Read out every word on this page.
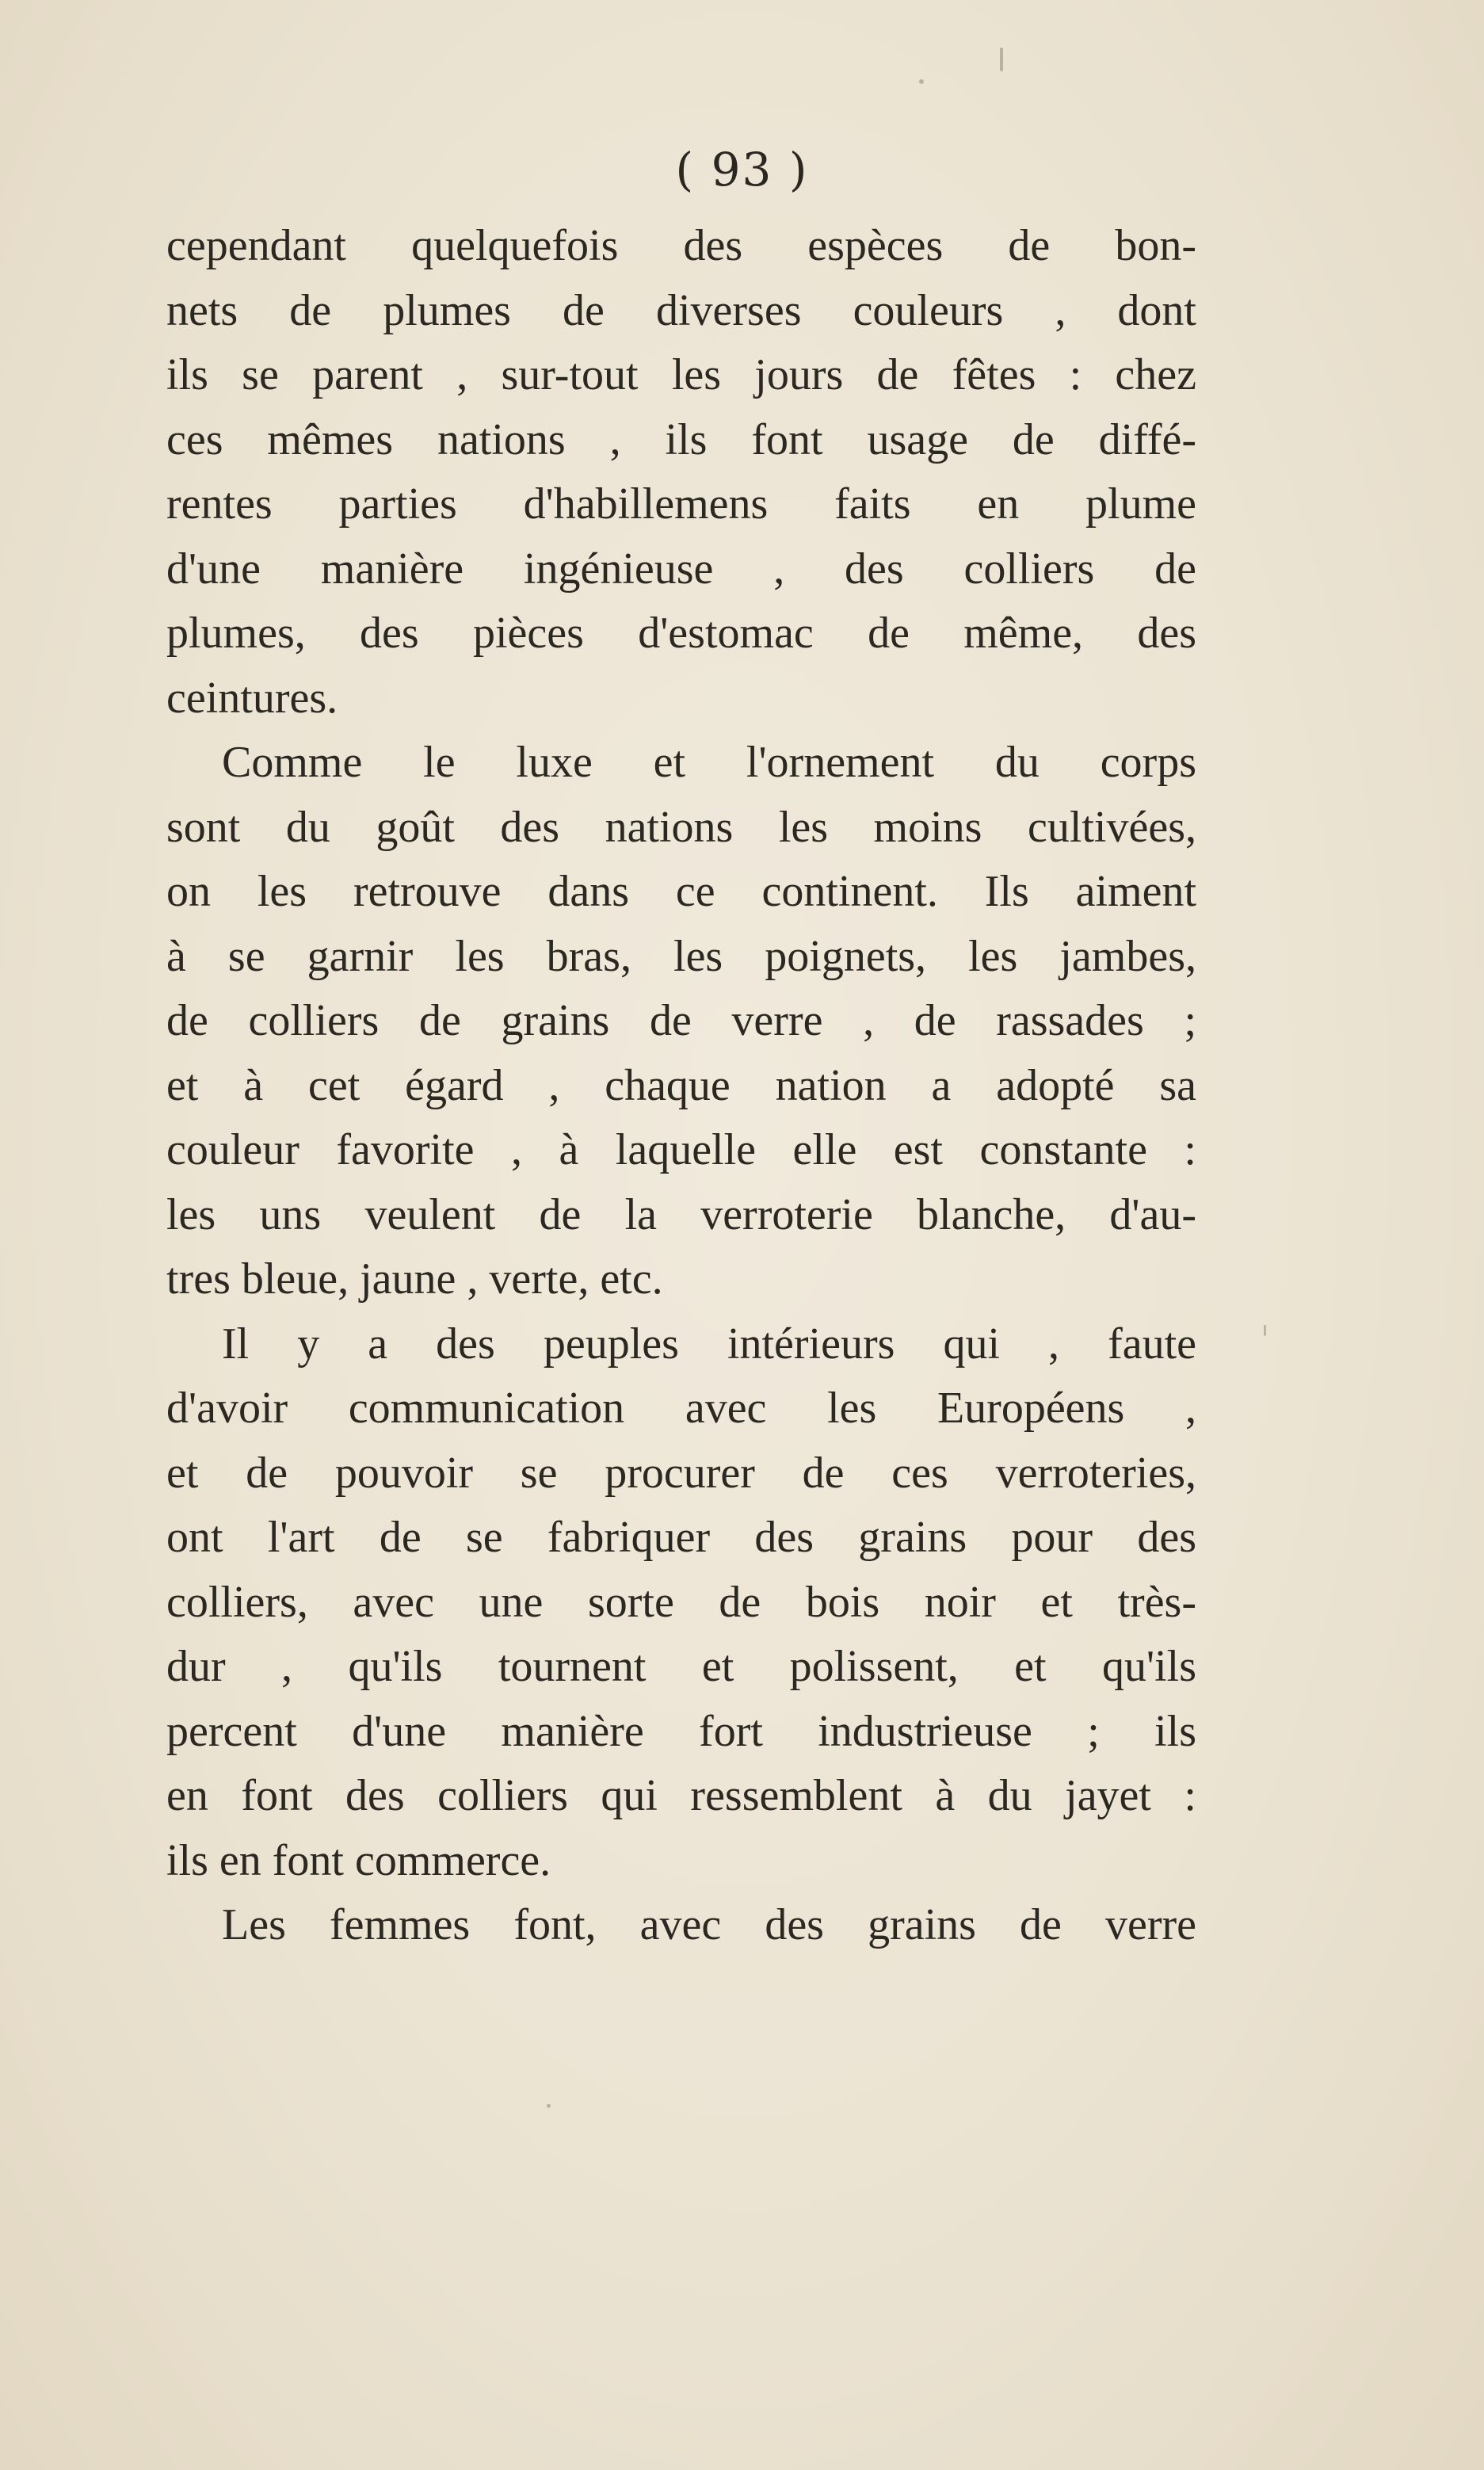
( 93 )
cependant quelquefois des espèces de bon-
nets de plumes de diverses couleurs , dont
ils se parent , sur-tout les jours de fêtes : chez
ces mêmes nations , ils font usage de diffé-
rentes parties d'habillemens faits en plume
d'une manière ingénieuse , des colliers de
plumes, des pièces d'estomac de même, des
ceintures.
Comme le luxe et l'ornement du corps
sont du goût des nations les moins cultivées,
on les retrouve dans ce continent. Ils aiment
à se garnir les bras, les poignets, les jambes,
de colliers de grains de verre , de rassades ;
et à cet égard , chaque nation a adopté sa
couleur favorite , à laquelle elle est constante :
les uns veulent de la verroterie blanche, d'au-
tres bleue, jaune , verte, etc.
Il y a des peuples intérieurs qui , faute
d'avoir communication avec les Européens ,
et de pouvoir se procurer de ces verroteries,
ont l'art de se fabriquer des grains pour des
colliers, avec une sorte de bois noir et très-
dur , qu'ils tournent et polissent, et qu'ils
percent d'une manière fort industrieuse ; ils
en font des colliers qui ressemblent à du jayet :
ils en font commerce.
Les femmes font, avec des grains de verre
